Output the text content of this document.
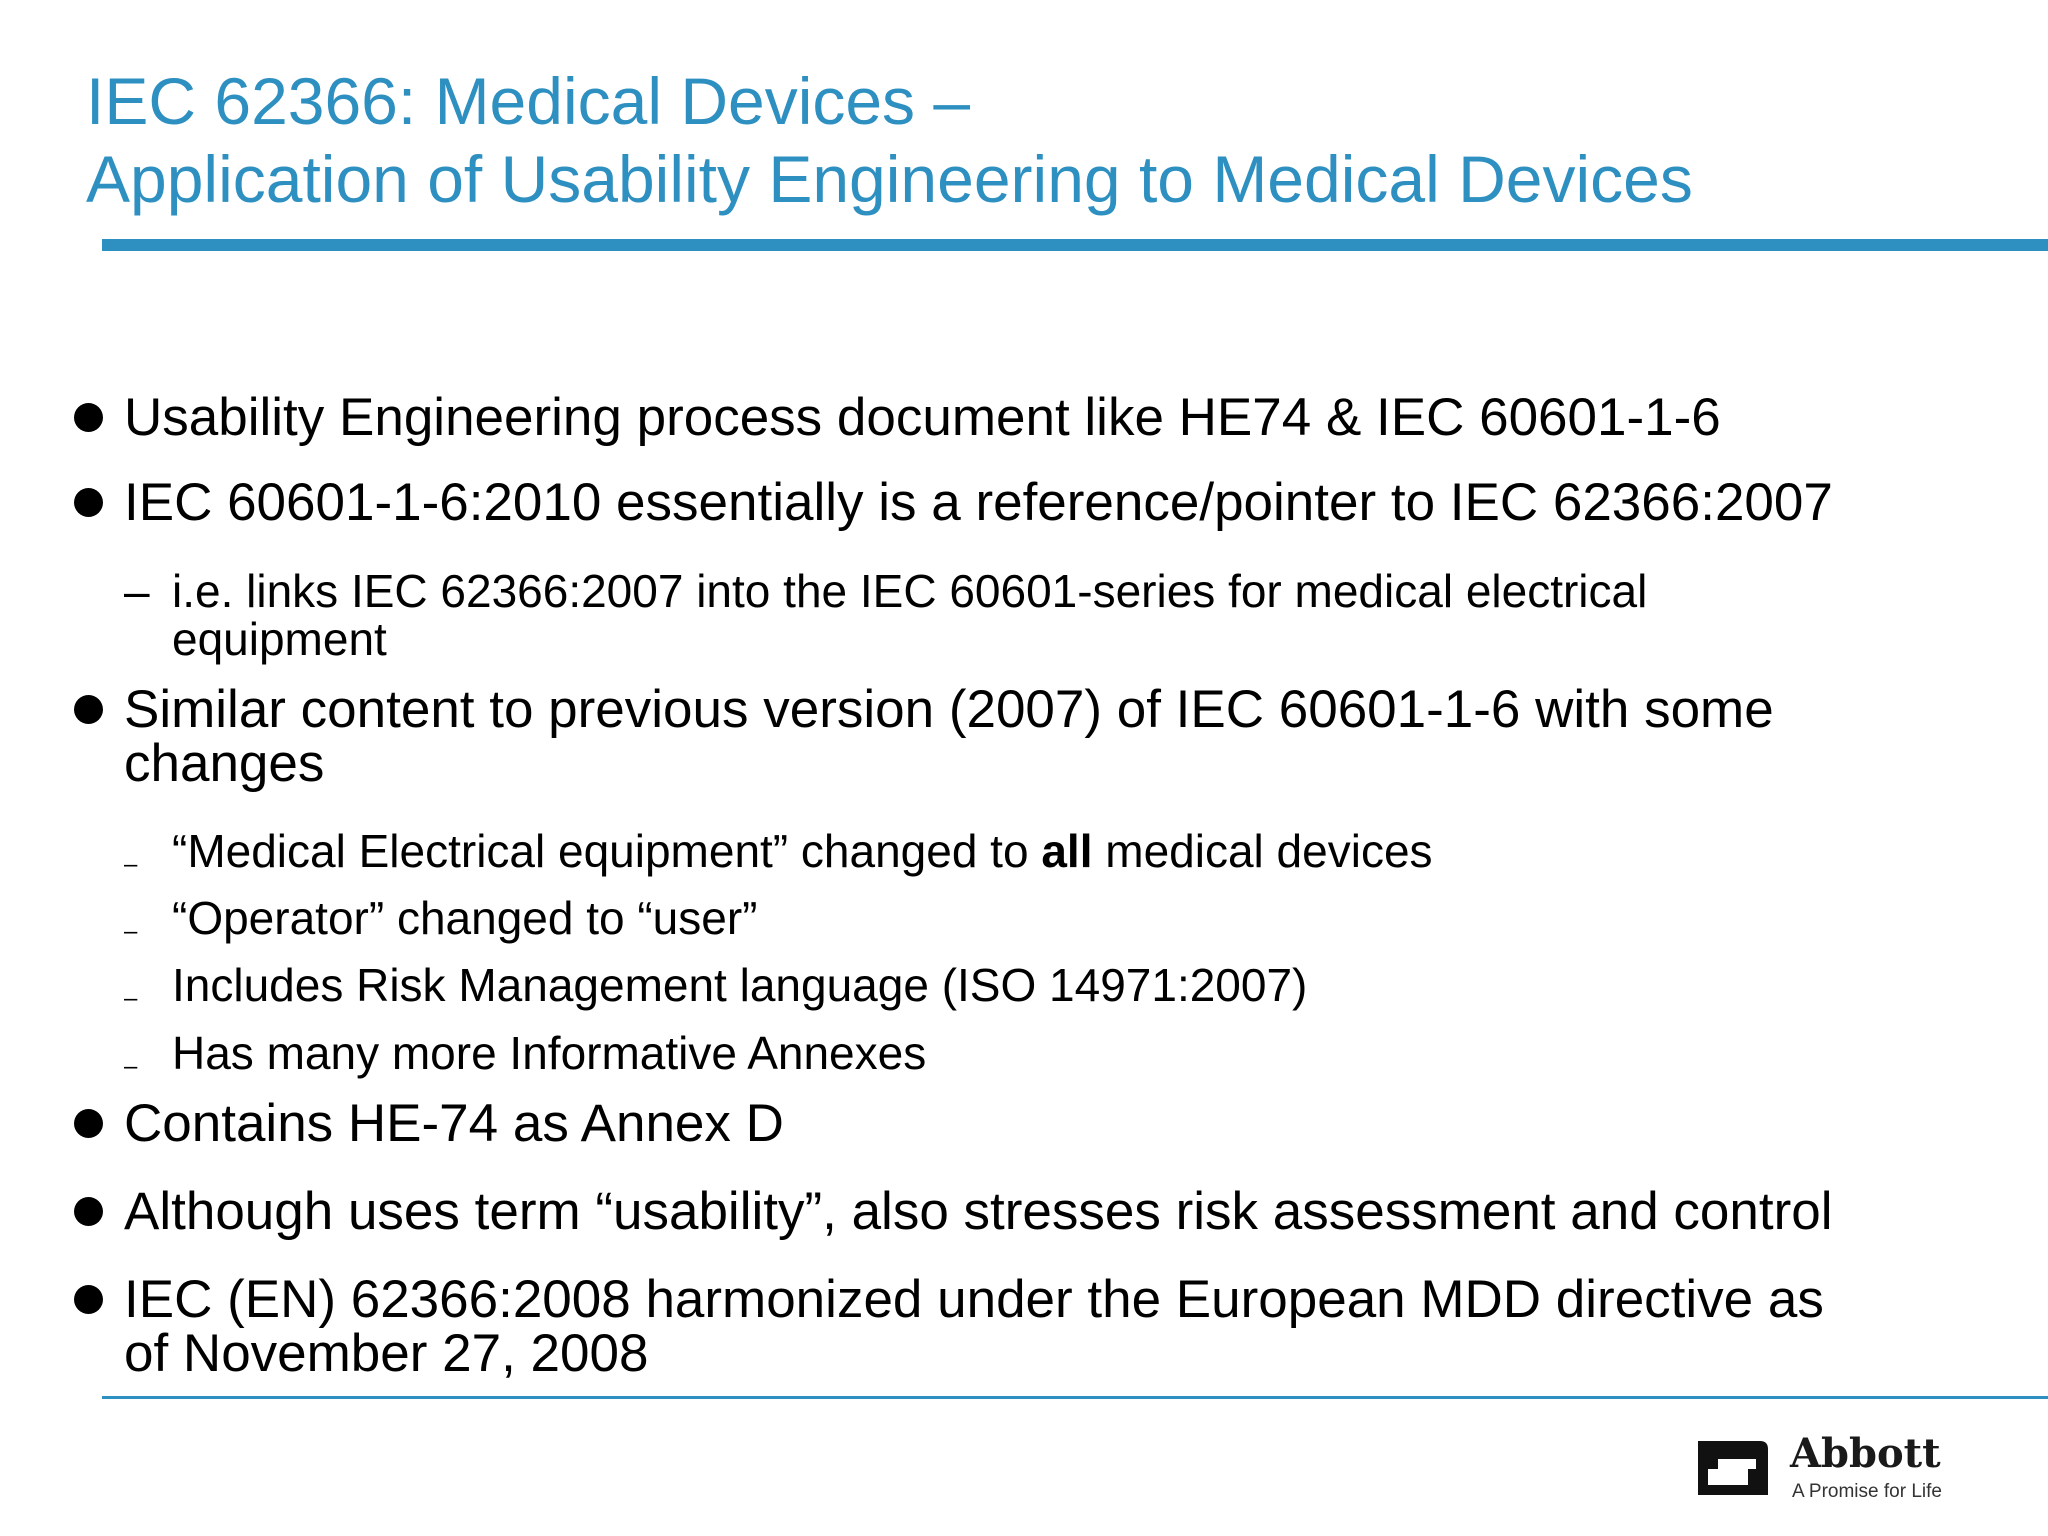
IEC 62366: Medical Devices –
Application of Usability Engineering to Medical Devices
Usability Engineering process document like HE74 & IEC 60601-1-6
IEC 60601-1-6:2010 essentially is a reference/pointer to IEC 62366:2007
– i.e. links IEC 62366:2007 into the IEC 60601-series for medical electrical
equipment
Similar content to previous version (2007) of IEC 60601-1-6 with some
changes
– “Medical Electrical equipment” changed to all medical devices
– “Operator” changed to “user”
– Includes Risk Management language (ISO 14971:2007)
– Has many more Informative Annexes
Contains HE-74 as Annex D
Although uses term “usability”, also stresses risk assessment and control
IEC (EN) 62366:2008 harmonized under the European MDD directive as
of November 27, 2008
Abbott
A Promise for Life
